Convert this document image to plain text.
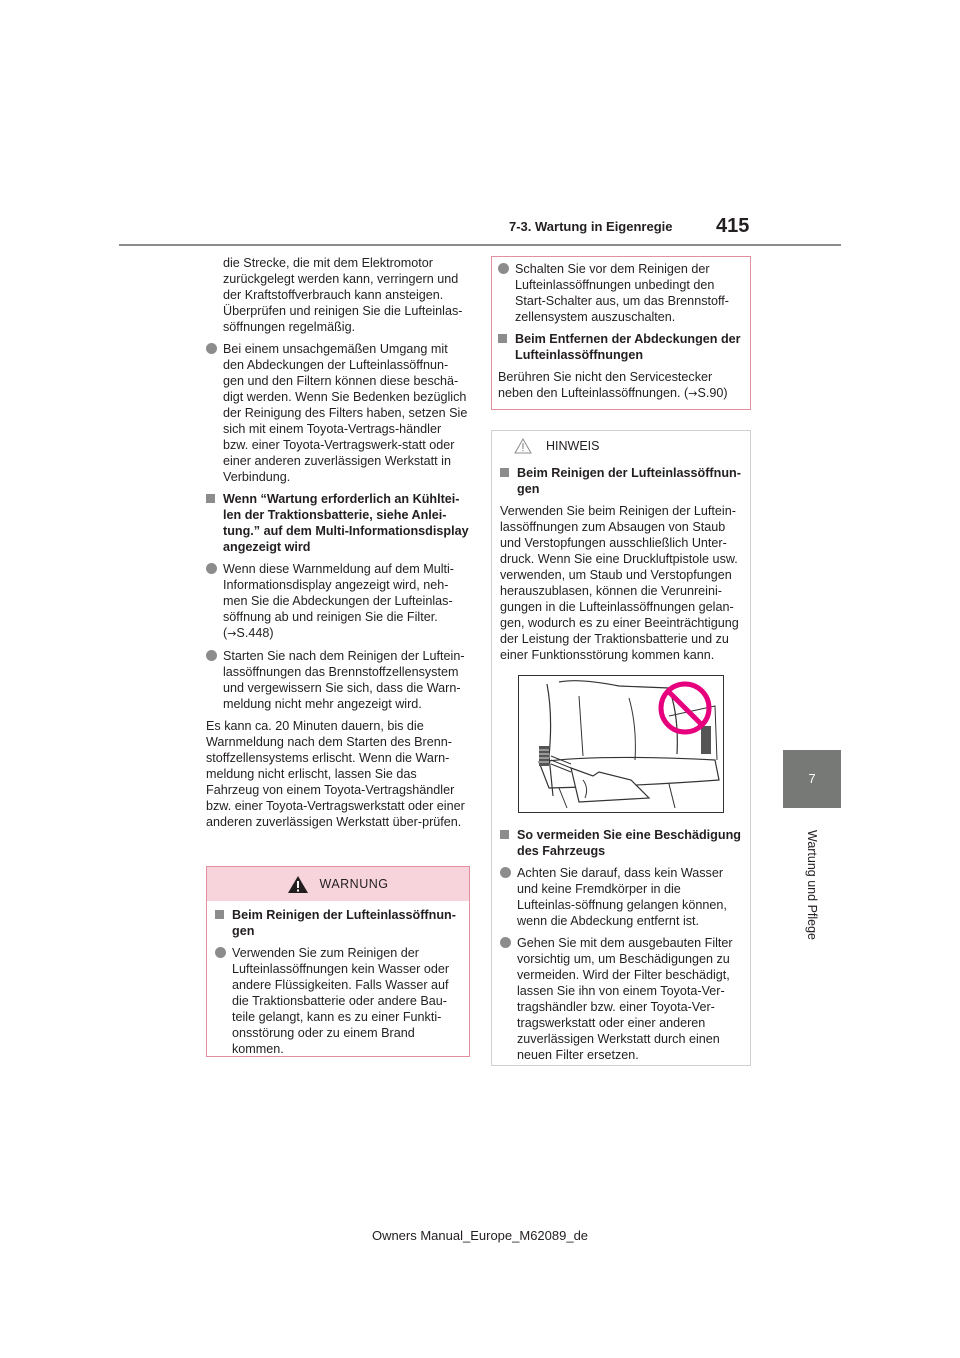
7-3. Wartung in Eigenregie 415
7
Wartung und Pflege

die Strecke, die mit dem Elektromotor zurückgelegt werden kann, verringern und der Kraftstoffverbrauch kann ansteigen. Überprüfen und reinigen Sie die Lufteinlas-söffnungen regelmäßig.

Bei einem unsachgemäßen Umgang mit den Abdeckungen der Lufteinlassöffnun-gen und den Filtern können diese beschä-digt werden. Wenn Sie Bedenken bezüglich der Reinigung des Filters haben, setzen Sie sich mit einem Toyota-Vertrags-händler bzw. einer Toyota-Vertragswerk-statt oder einer anderen zuverlässigen Werkstatt in Verbindung.
Wenn “Wartung erforderlich an Kühltei-len der Traktionsbatterie, siehe Anlei-tung.” auf dem Multi-Informationsdisplay angezeigt wird
Wenn diese Warnmeldung auf dem Multi-Informationsdisplay angezeigt wird, neh-men Sie die Abdeckungen der Lufteinlas-söffnung ab und reinigen Sie die Filter.
(→S.448)
Starten Sie nach dem Reinigen der Luftein-lassöffnungen das Brennstoffzellensystem und vergewissern Sie sich, dass die Warn-meldung nicht mehr angezeigt wird.

Es kann ca. 20 Minuten dauern, bis die Warnmeldung nach dem Starten des Brenn-stoffzellensystems erlischt. Wenn die Warn-meldung nicht erlischt, lassen Sie das Fahrzeug von einem Toyota-Vertragshändler bzw. einer Toyota-Vertragswerkstatt oder einer anderen zuverlässigen Werkstatt über-prüfen.

WARNUNG
Beim Reinigen der Lufteinlassöffnun-gen
Verwenden Sie zum Reinigen der Lufteinlassöffnungen kein Wasser oder andere Flüssigkeiten. Falls Wasser auf die Traktionsbatterie oder andere Bau-teile gelangt, kann es zu einer Funkti-onsstörung oder zu einem Brand kommen.
Schalten Sie vor dem Reinigen der Lufteinlassöffnungen unbedingt den Start-Schalter aus, um das Brennstoff-zellensystem auszuschalten.
Beim Entfernen der Abdeckungen der Lufteinlassöffnungen

Berühren Sie nicht den Servicestecker neben den Lufteinlassöffnungen. (→S.90)

HINWEIS
Beim Reinigen der Lufteinlassöffnun-gen

Verwenden Sie beim Reinigen der Luftein-lassöffnungen zum Absaugen von Staub und Verstopfungen ausschließlich Unter-druck. Wenn Sie eine Druckluftpistole usw. verwenden, um Staub und Verstopfungen herauszublasen, können die Verunreini-gungen in die Lufteinlassöffnungen gelan-gen, wodurch es zu einer Beeinträchtigung der Leistung der Traktionsbatterie und zu einer Funktionsstörung kommen kann.

So vermeiden Sie eine Beschädigung des Fahrzeugs
Achten Sie darauf, dass kein Wasser und keine Fremdkörper in die Lufteinlas-söffnung gelangen können, wenn die Abdeckung entfernt ist.
Gehen Sie mit dem ausgebauten Filter vorsichtig um, um Beschädigungen zu vermeiden. Wird der Filter beschädigt, lassen Sie ihn von einem Toyota-Ver-tragshändler bzw. einer Toyota-Ver-tragswerkstatt oder einer anderen zuverlässigen Werkstatt durch einen neuen Filter ersetzen.
Owners Manual_Europe_M62089_de
